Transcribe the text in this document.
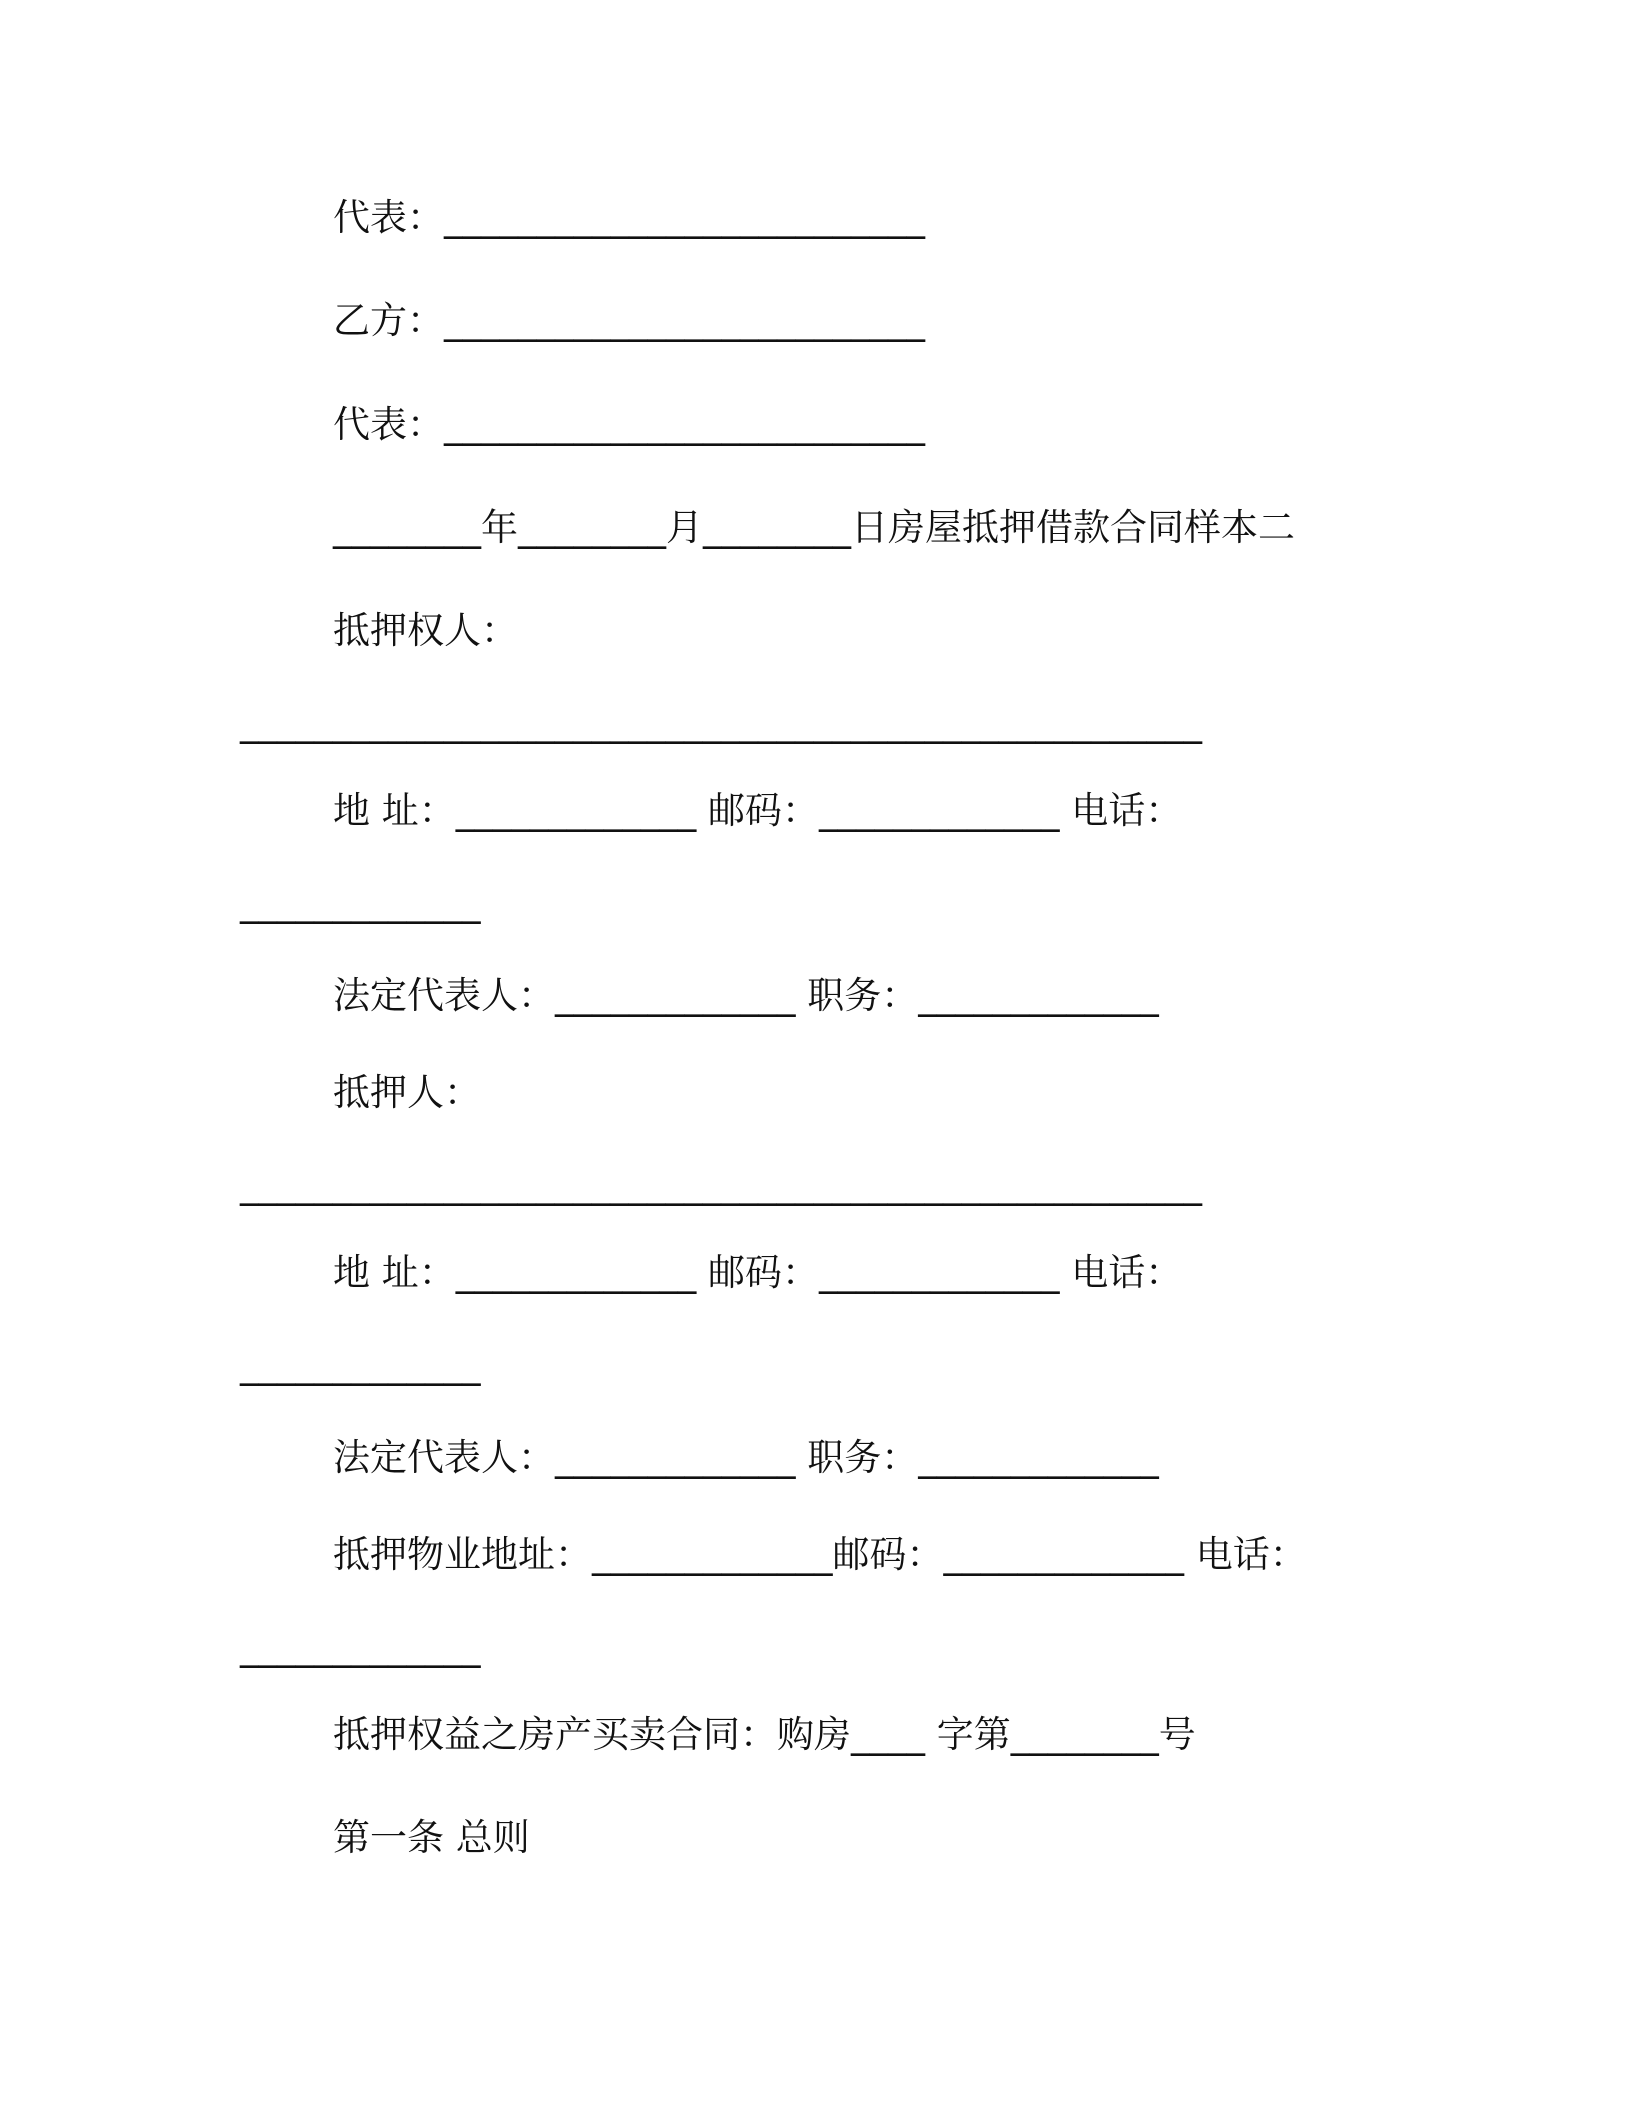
代表：__________________________
乙方：__________________________
代表：__________________________
________年________月________日房屋抵押借款合同样本二
抵押权人：
____________________________________________________
地 址：_____________ 邮码：_____________ 电话：
_____________
法定代表人：_____________ 职务：_____________
抵押人：
____________________________________________________
地 址：_____________ 邮码：_____________ 电话：
_____________
法定代表人：_____________ 职务：_____________
抵押物业地址：_____________邮码：_____________ 电话：
_____________
抵押权益之房产买卖合同：购房____ 字第________号
第一条 总则
